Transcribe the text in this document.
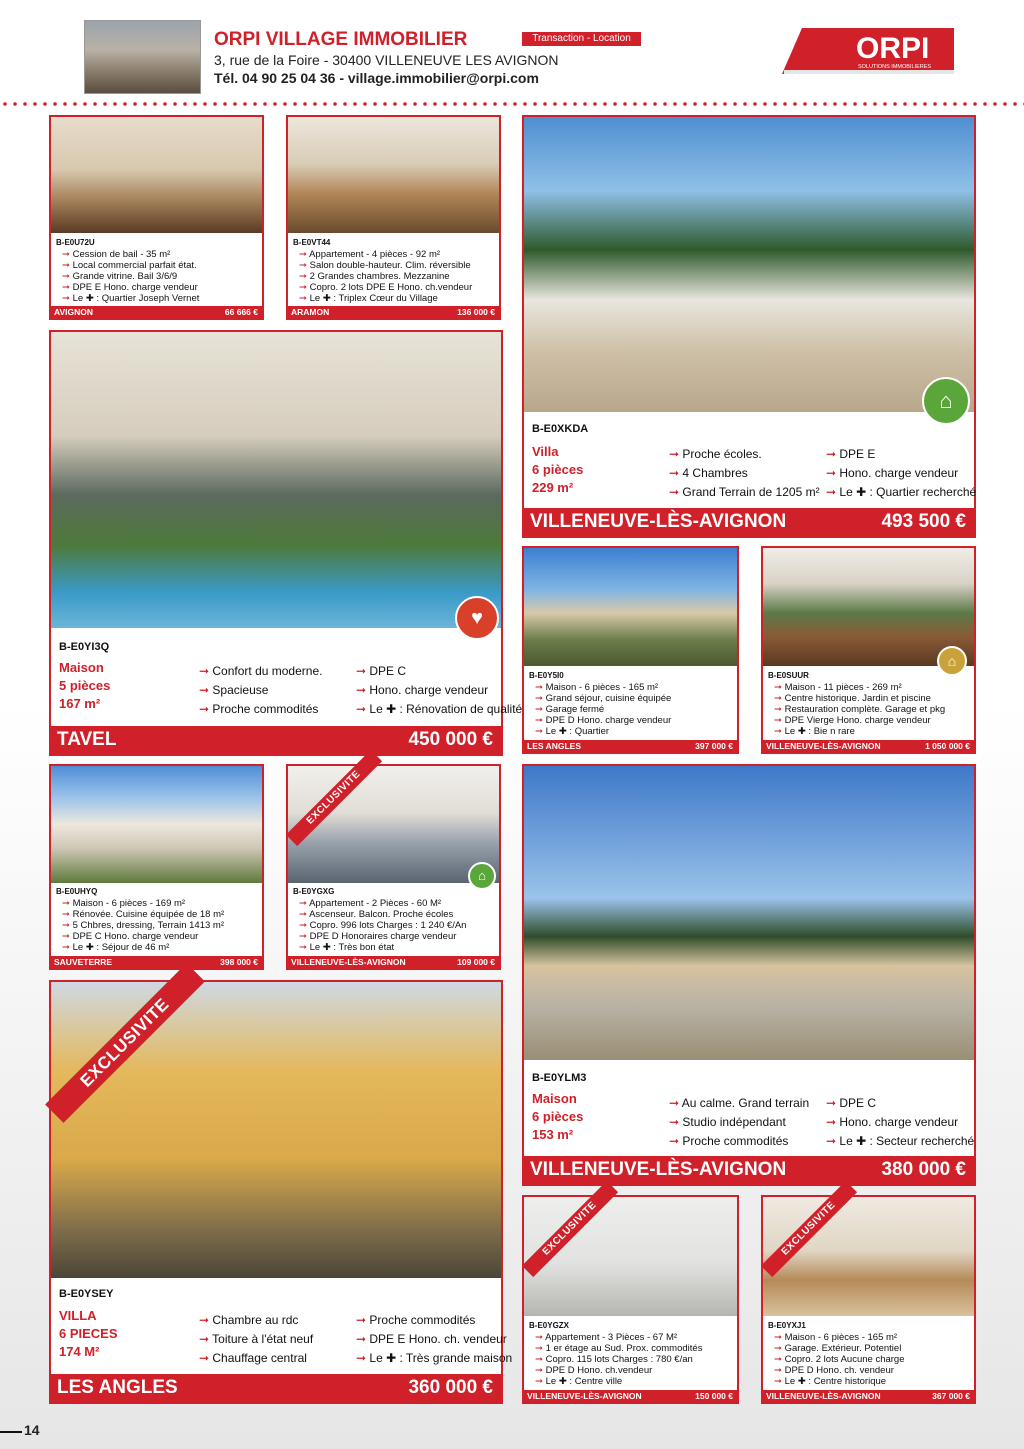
ORPI VILLAGE IMMOBILIER
3, rue de la Foire - 30400 VILLENEUVE LES AVIGNON
Tél. 04 90 25 04 36 - village.immobilier@orpi.com
Transaction - Location	ORPI
SOLUTIONS IMMOBILIERES
B-E0U72U
➞ Cession de bail - 35 m²
➞ Local commercial parfait état.
➞ Grande vitrine. Bail 3/6/9
➞ DPE E Hono. charge vendeur
➞ Le ✚ : Quartier Joseph Vernet
AVIGNON	66 666 €
B-E0VT44
➞ Appartement - 4 pièces - 92 m²
➞ Salon double-hauteur. Clim. réversible
➞ 2 Grandes chambres. Mezzanine
➞ Copro. 2 lots DPE E Hono. ch.vendeur
➞ Le ✚ : Triplex Cœur du Village
ARAMON	136 000 €
⌂
B-E0XKDA
Villa
6 pièces
229 m²
➞ Proche écoles.
➞ 4 Chambres
➞ Grand Terrain de 1205 m²
➞ DPE E
➞ Hono. charge vendeur
➞ Le ✚ : Quartier recherché
VILLENEUVE-LÈS-AVIGNON	493 500 €
♥
B-E0YI3Q
Maison
5 pièces
167 m²
➞ Confort du moderne.
➞ Spacieuse
➞ Proche commodités
➞ DPE C
➞ Hono. charge vendeur
➞ Le ✚ : Rénovation de qualité
TAVEL	450 000 €
B-E0Y5I0
➞ Maison - 6 pièces - 165 m²
➞ Grand séjour, cuisine équipée
➞ Garage fermé
➞ DPE D Hono. charge vendeur
➞ Le ✚ : Quartier
LES ANGLES	397 000 €
⌂
B-E0SUUR
➞ Maison - 11 pièces - 269 m²
➞ Centre historique. Jardin et piscine
➞ Restauration complète. Garage et pkg
➞ DPE Vierge Hono. charge vendeur
➞ Le ✚ : Bie n rare
VILLENEUVE-LÈS-AVIGNON	1 050 000 €
B-E0UHYQ
➞ Maison - 6 pièces - 169 m²
➞ Rénovée. Cuisine équipée de 18 m²
➞ 5 Chbres, dressing, Terrain 1413 m²
➞ DPE C Hono. charge vendeur
➞ Le ✚ : Séjour de 46 m²
SAUVETERRE	398 000 €
EXCLUSIVITE
⌂
B-E0YGXG
➞ Appartement - 2 Pièces - 60 M²
➞ Ascenseur. Balcon. Proche écoles
➞ Copro. 996 lots Charges : 1 240 €/An
➞ DPE D Honoraires charge vendeur
➞ Le ✚ : Très bon état
VILLENEUVE-LÈS-AVIGNON	109 000 €
B-E0YLM3
Maison
6 pièces
153 m²
➞ Au calme. Grand terrain
➞ Studio indépendant
➞ Proche commodités
➞ DPE C
➞ Hono. charge vendeur
➞ Le ✚ : Secteur recherché
VILLENEUVE-LÈS-AVIGNON	380 000 €
EXCLUSIVITE
B-E0YSEY
VILLA
6 PIECES
174 M²
➞ Chambre au rdc
➞ Toiture à l'état neuf
➞ Chauffage central
➞ Proche commodités
➞ DPE E Hono. ch. vendeur
➞ Le ✚ : Très grande maison
LES ANGLES	360 000 €
EXCLUSIVITE
B-E0YGZX
➞ Appartement - 3 Pièces - 67 M²
➞ 1 er étage au Sud. Prox. commodités
➞ Copro. 115 lots Charges : 780 €/an
➞ DPE D Hono. ch.vendeur
➞ Le ✚ : Centre ville
VILLENEUVE-LÈS-AVIGNON	150 000 €
EXCLUSIVITE
B-E0YXJ1
➞ Maison - 6 pièces - 165 m²
➞ Garage. Extérieur. Potentiel
➞ Copro. 2 lots Aucune charge
➞ DPE D Hono. ch. vendeur
➞ Le ✚ : Centre historique
VILLENEUVE-LÈS-AVIGNON	367 000 €
14
